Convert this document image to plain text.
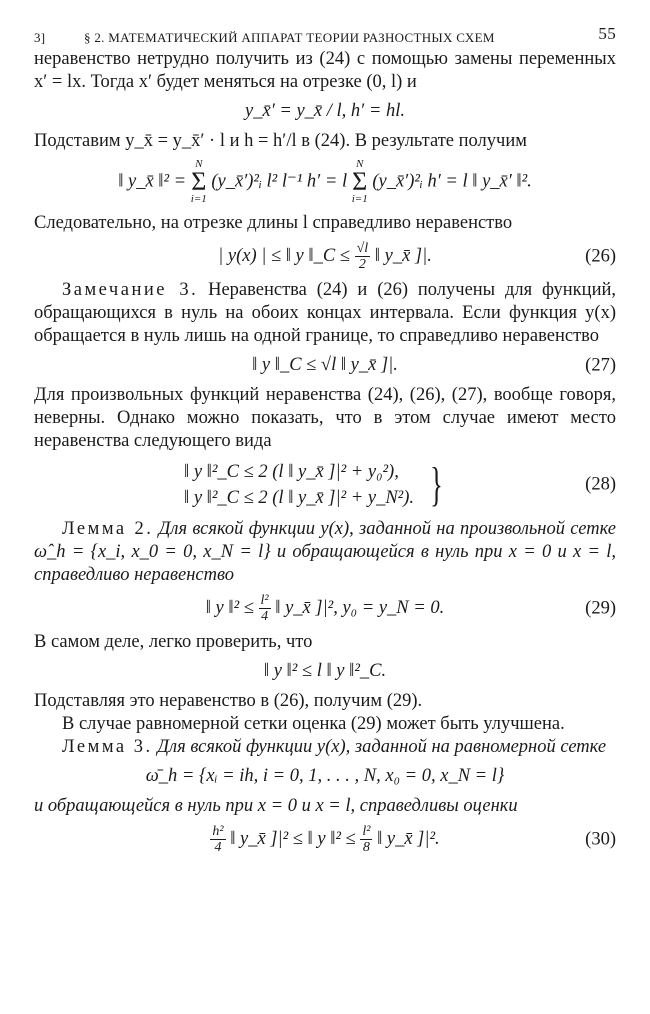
3]	§ 2. МАТЕМАТИЧЕСКИЙ АППАРАТ ТЕОРИИ РАЗНОСТНЫХ СХЕМ	55

неравенство нетрудно получить из (24) с помощью замены переменных x′ = lx. Тогда x′ будет меняться на отрезке (0, l) и

y_x̄′ = y_x̄ / l, h′ = hl.

Подставим y_x̄ = y_x̄′ · l и h = h′/l в (24). В результате получим

‖ y_x̄ ‖² = N
Σ
i=1 (y_x̄′)²ᵢ l² l⁻¹ h′ = l N
Σ
i=1 (y_x̄′)²ᵢ h′ = l ‖ y_x̄′ ‖².

Следовательно, на отрезке длины l справедливо неравенство

| y(x) | ≤ ‖ y ‖_C ≤ $\frac{√l}{2}$ ‖ y_x̄ ]|.	(26)

Замечание 3. Неравенства (24) и (26) получены для функций, обращающихся в нуль на обоих концах интервала. Если функция y(x) обращается в нуль лишь на одной границе, то справедливо неравенство

‖ y ‖_C ≤ √l ‖ y_x̄ ]|.	(27)

Для произвольных функций неравенства (24), (26), (27), вообще говоря, неверны. Однако можно показать, что в этом случае имеют место неравенства следующего вида

‖ y ‖²_C ≤ 2 (l ‖ y_x̄ ]|² + y₀²),
‖ y ‖²_C ≤ 2 (l ‖ y_x̄ ]|² + y_N²). }	(28)

Лемма 2. Для всякой функции y(x), заданной на произвольной сетке ω̂_h = {x_i, x_0 = 0, x_N = l} и обращающейся в нуль при x = 0 и x = l, справедливо неравенство

‖ y ‖² ≤ $\frac{\text{l²}}{4}$ ‖ y_x̄ ]|², y₀ = y_N = 0.	(29)

В самом деле, легко проверить, что

‖ y ‖² ≤ l ‖ y ‖²_C.

Подставляя это неравенство в (26), получим (29).

В случае равномерной сетки оценка (29) может быть улучшена.

Лемма 3. Для всякой функции y(x), заданной на равномерной сетке

ω̄_h = {xᵢ = ih, i = 0, 1, . . . , N, x₀ = 0, x_N = l}

и обращающейся в нуль при x = 0 и x = l, справедливы оценки

$\frac{\text{h²}}{4}$ ‖ y_x̄ ]|² ≤ ‖ y ‖² ≤ $\frac{\text{l²}}{8}$ ‖ y_x̄ ]|².	(30)
